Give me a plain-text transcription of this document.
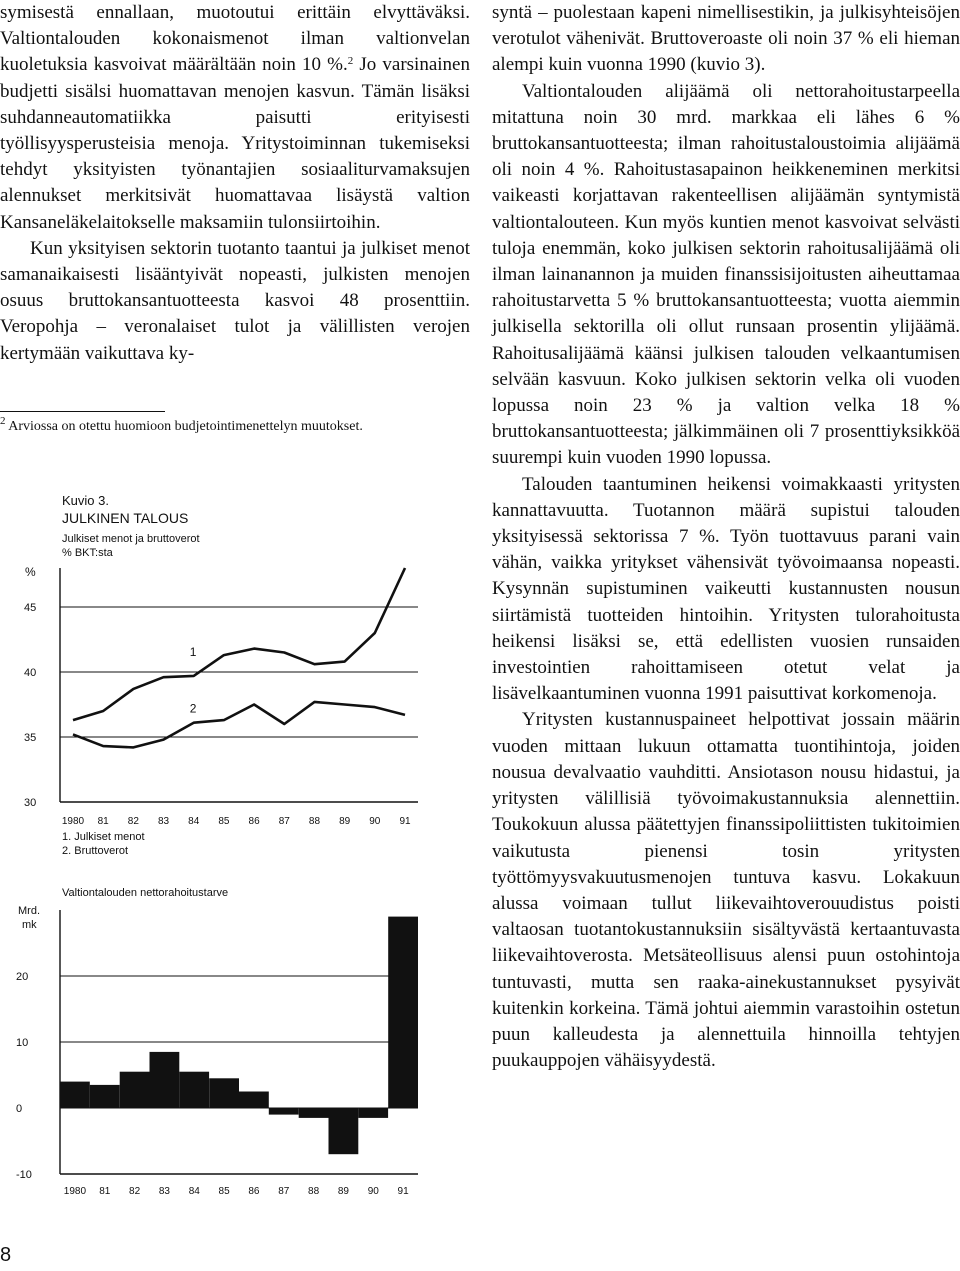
symisestä ennallaan, muotoutui erittäin elvyttäväksi. Valtiontalouden kokonaismenot ilman valtionvelan kuoletuksia kasvoivat määrältään noin 10 %.$^2$ Jo varsinainen budjetti sisälsi huomattavan menojen kasvun. Tämän lisäksi suhdanneautomatiikka paisutti erityisesti työllisyysperusteisia menoja. Yritystoiminnan tukemiseksi tehdyt yksityisten työnantajien sosiaaliturvamaksujen alennukset merkitsivät huomattavaa lisäystä valtion Kansaneläkelaitokselle maksamiin tulonsiirtoihin.

Kun yksityisen sektorin tuotanto taantui ja julkiset menot samanaikaisesti lisääntyivät nopeasti, julkisten menojen osuus bruttokansantuotteesta kasvoi 48 prosenttiin. Veropohja – veronalaiset tulot ja välillisten verojen kertymään vaikuttava ky-

$^2$ Arviossa on otettu huomioon budjetointimenettelyn muutokset.
Kuvio 3.
JULKINEN TALOUS
Julkiset menot ja bruttoverot
% BKT:sta
%
30
35
40
45
1980 81 82 83 84 85 86 87 88 89 90 91
1
2
1. Julkiset menot
2. Bruttoverot
Valtiontalouden nettorahoitustarve
Mrd.
mk
-10
0
10
20
1980 81 82 83 84 85 86 87 88 89 90 91

syntä – puolestaan kapeni nimellisestikin, ja julkisyhteisöjen verotulot vähenivät. Bruttoveroaste oli noin 37 % eli hieman alempi kuin vuonna 1990 (kuvio 3).

Valtiontalouden alijäämä oli nettorahoitustarpeella mitattuna noin 30 mrd. markkaa eli lähes 6 % bruttokansantuotteesta; ilman rahoitustaloustoimia alijäämä oli noin 4 %. Rahoitustasapainon heikkeneminen merkitsi vaikeasti korjattavan rakenteellisen alijäämän syntymistä valtiontalouteen. Kun myös kuntien menot kasvoivat selvästi tuloja enemmän, koko julkisen sektorin rahoitusalijäämä oli ilman lainanannon ja muiden finanssisijoitusten aiheuttamaa rahoitustarvetta 5 % bruttokansantuotteesta; vuotta aiemmin julkisella sektorilla oli ollut runsaan prosentin ylijäämä. Rahoitusalijäämä käänsi julkisen talouden velkaantumisen selvään kasvuun. Koko julkisen sektorin velka oli vuoden lopussa noin 23 % ja valtion velka 18 % bruttokansantuotteesta; jälkimmäinen oli 7 prosenttiyksikköä suurempi kuin vuoden 1990 lopussa.

Talouden taantuminen heikensi voimakkaasti yritysten kannattavuutta. Tuotannon määrä supistui talouden yksityisessä sektorissa 7 %. Työn tuottavuus parani vain vähän, vaikka yritykset vähensivät työvoimaansa nopeasti. Kysynnän supistuminen vaikeutti kustannusten nousun siirtämistä tuotteiden hintoihin. Yritysten tulorahoitusta heikensi lisäksi se, että edellisten vuosien runsaiden investointien rahoittamiseen otetut velat ja lisävelkaantuminen vuonna 1991 paisuttivat korkomenoja.

Yritysten kustannuspaineet helpottivat jossain määrin vuoden mittaan lukuun ottamatta tuontihintoja, joiden nousua devalvaatio vauhditti. Ansiotason nousu hidastui, ja yritysten välillisiä työvoimakustannuksia alennettiin. Toukokuun alussa päätettyjen finanssipoliittisten tukitoimien vaikutusta pienensi tosin yritysten työttömyysvakuutusmenojen tuntuva kasvu. Lokakuun alussa voimaan tullut liikevaihtoverouudistus poisti valtaosan tuotantokustannuksiin sisältyvästä kertaantuvasta liikevaihtoverosta. Metsäteollisuus alensi puun ostohintoja tuntuvasti, mutta sen raaka-ainekustannukset pysyivät kuitenkin korkeina. Tämä johtui aiemmin varastoihin ostetun puun kalleudesta ja alennettuila hinnoilla tehtyjen puukauppojen vähäisyydestä.

8
